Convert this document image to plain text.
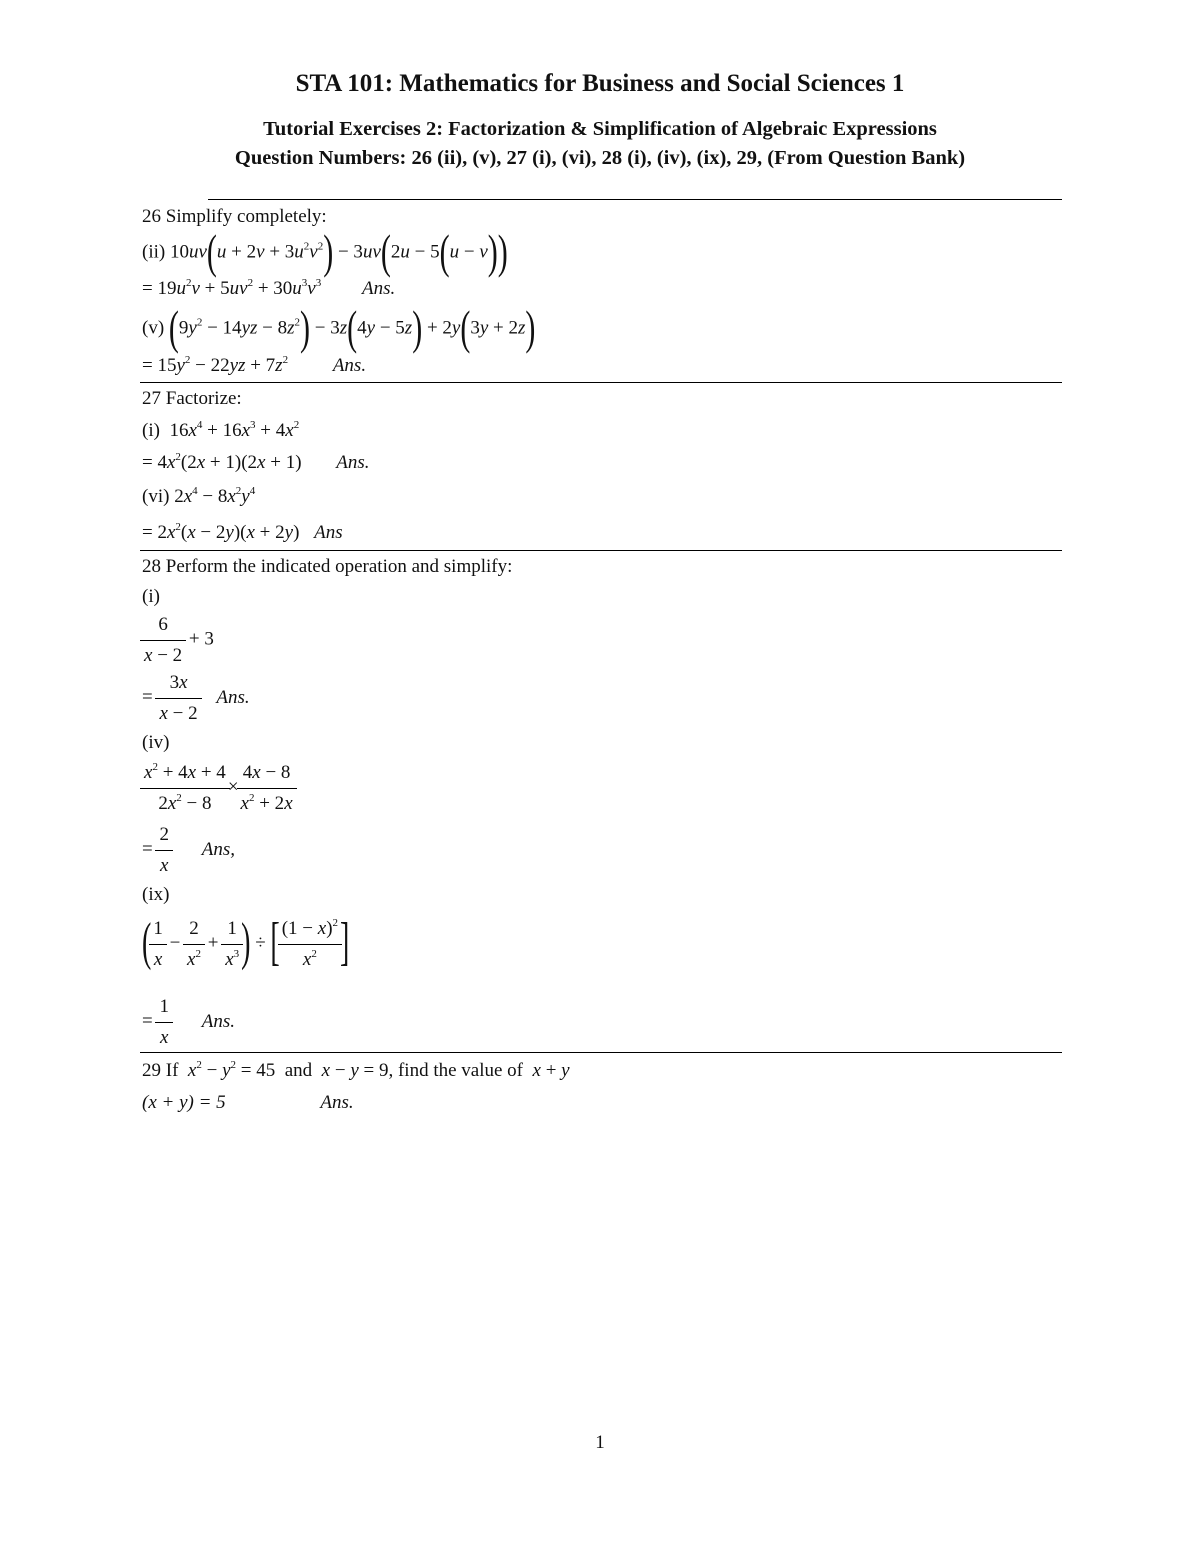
STA 101: Mathematics for Business and Social Sciences 1
Tutorial Exercises 2: Factorization & Simplification of Algebraic Expressions
Question Numbers: 26 (ii), (v), 27 (i), (vi), 28 (i), (iv), (ix), 29, (From Question Bank)
26 Simplify completely:
(ii) $10uv(u + 2v + 3u^2v^2) - 3uv(2u - 5(u - v))$
= $19u^2v + 5uv^2 + 30u^3v^3$ Ans.
(v) $(9y^2 - 14yz - 8z^2) - 3z(4y - 5z) + 2y(3y + 2z)$
= $15y^2 - 22yz + 7z^2$ Ans.
27 Factorize:
(i)  $16x^4 + 16x^3 + 4x^2$
= $4x^2(2x + 1)(2x + 1)$ Ans.
(vi) $2x^4 - 8x^2y^4$
= $2x^2(x - 2y)(x + 2y)$ Ans
28 Perform the indicated operation and simplify:
(i)
$\frac{6}{x - 2} + 3$
= $\frac{3x}{x - 2}$ Ans.
(iv)
$\frac{x^2 + 4x + 4}{2x^2 - 8} \times \frac{4x - 8}{x^2 + 2x}$
= $\frac{2}{x}$ Ans,
(ix)
( $\frac{1}{x} - \frac{2}{x^2} + \frac{1}{x^3}$ ) ÷ [ $\frac{(1 - x)^2}{x^2}$ ]
= $\frac{1}{x}$ Ans.
29 If $x^2 - y^2 = 45$  and x − y = 9, find the value of x + y
(x + y) = 5	Ans.
1
